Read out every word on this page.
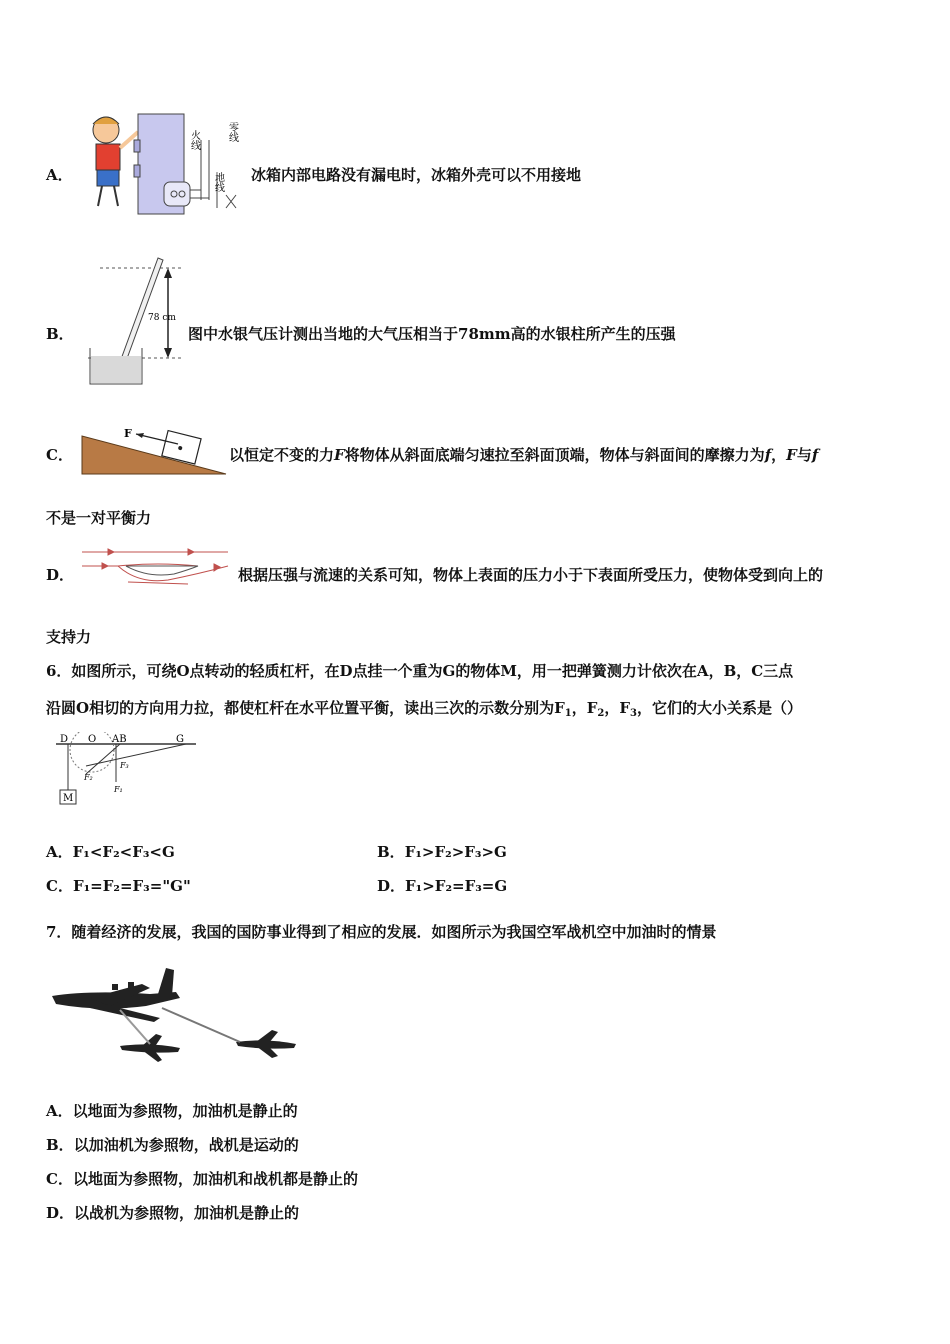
A．
火线	零线
地线 冰箱内部电路没有漏电时，冰箱外壳可以不用接地
B．
78 cm
图中水银气压计测出当地的大气压相当于78mm高的水银柱所产生的压强
C．
F
以恒定不变的力F将物体从斜面底端匀速拉至斜面顶端，物体与斜面间的摩擦力为f，F与f
不是一对平衡力
D．	根据压强与流速的关系可知，物体上表面的压力小于下表面所受压力，使物体受到向上的
支持力
6．如图所示，可绕O点转动的轻质杠杆，在D点挂一个重为G的物体M，用一把弹簧测力计依次在A，B，C三点
沿圆O相切的方向用力拉，都使杠杆在水平位置平衡，读出三次的示数分别为$F_1$，$F_2$，$F_3$，它们的大小关系是（）
M
D O AB	G
F₂
F₃
F₁
A．F₁<F₂<F₃<G	B．F₁>F₂>F₃>G
C．F₁=F₂=F₃="G"	D．F₁>F₂=F₃=G
7．随着经济的发展，我国的国防事业得到了相应的发展．如图所示为我国空军战机空中加油时的情景
A．以地面为参照物，加油机是静止的
B．以加油机为参照物，战机是运动的
C．以地面为参照物，加油机和战机都是静止的
D．以战机为参照物，加油机是静止的
